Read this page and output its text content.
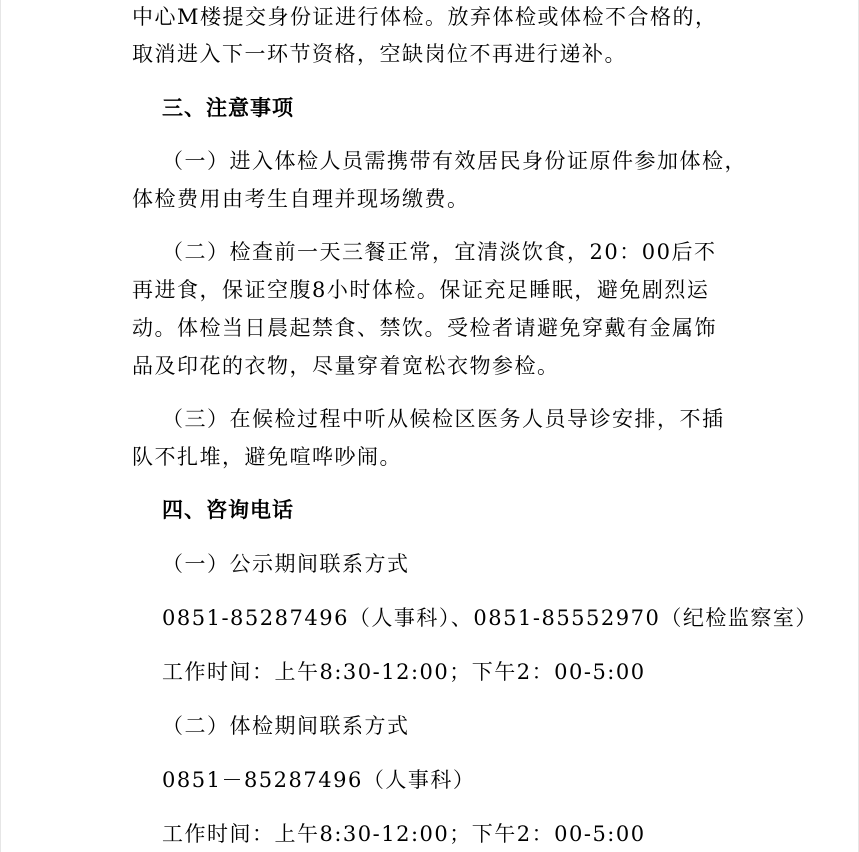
中心M楼提交身份证进行体检。放弃体检或体检不合格的，
取消进入下一环节资格，空缺岗位不再进行递补。
三、注意事项
（一）进入体检人员需携带有效居民身份证原件参加体检，
体检费用由考生自理并现场缴费。
（二）检查前一天三餐正常，宜清淡饮食，20：00后不
再进食，保证空腹8小时体检。保证充足睡眠，避免剧烈运
动。体检当日晨起禁食、禁饮。受检者请避免穿戴有金属饰
品及印花的衣物，尽量穿着宽松衣物参检。
（三）在候检过程中听从候检区医务人员导诊安排，不插
队不扎堆，避免喧哗吵闹。
四、咨询电话
（一）公示期间联系方式
0851-85287496（人事科）、0851-85552970（纪检监察室）
工作时间：上午8:30-12:00；下午2：00-5:00
（二）体检期间联系方式
0851－85287496（人事科）
工作时间：上午8:30-12:00；下午2：00-5:00
